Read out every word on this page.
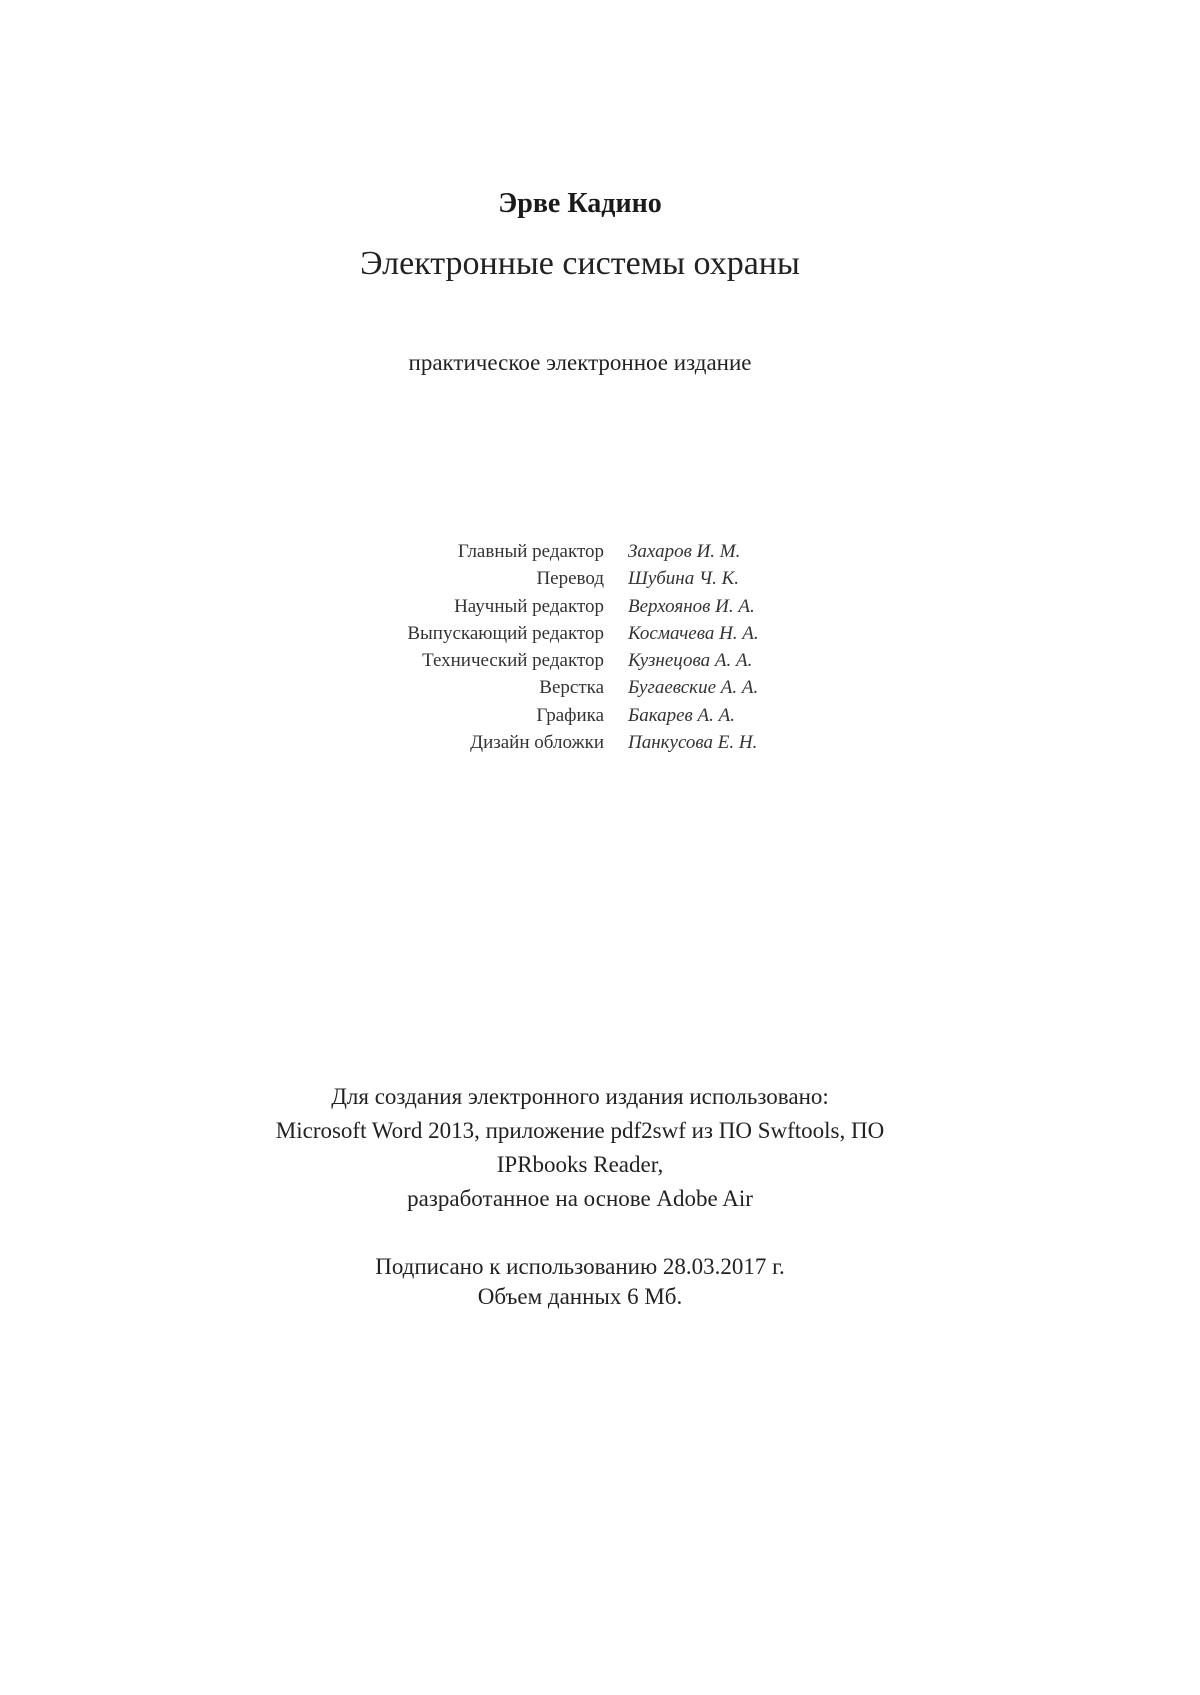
Эрве Кадино
Электронные системы охраны
практическое электронное издание
Главный редактор Захаров И. М.
Перевод Шубина Ч. К.
Научный редактор Верхоянов И. А.
Выпускающий редактор Космачева Н. А.
Технический редактор Кузнецова А. А.
Верстка Бугаевские А. А.
Графика Бакарев А. А.
Дизайн обложки Панкусова Е. Н.
Для создания электронного издания использовано:
Microsoft Word 2013, приложение pdf2swf из ПО Swftools, ПО
IPRbooks Reader,
разработанное на основе Adobe Air
Подписано к использованию 28.03.2017 г.
Объем данных 6 Мб.
